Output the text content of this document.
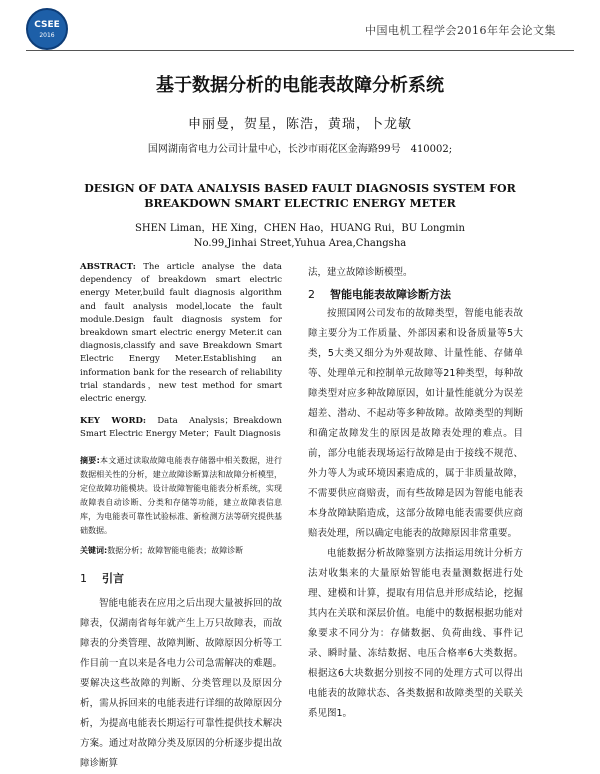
CSEE
2016	中国电机工程学会2016年年会论文集
基于数据分析的电能表故障分析系统
申丽曼，贺星，陈浩，黄瑞，卜龙敏
国网湖南省电力公司计量中心，长沙市雨花区金海路99号　410002;
DESIGN OF DATA ANALYSIS BASED FAULT DIAGNOSIS SYSTEM FOR BREAKDOWN SMART ELECTRIC ENERGY METER
SHEN Liman，HE Xing，CHEN Hao，HUANG Rui，BU Longmin
No.99,Jinhai Street,Yuhua Area,Changsha

ABSTRACT: The article analyse the data dependency of breakdown smart electric energy Meter,build fault diagnosis algorithm and fault analysis model,locate the fault module.Design fault diagnosis system for breakdown smart electric energy Meter.it can diagnosis,classify and save Breakdown Smart Electric Energy Meter.Establishing an information bank for the research of reliability trial standards，new test method for smart electric energy.

KEY WORD: Data Analysis；Breakdown Smart Electric Energy Meter；Fault Diagnosis

摘要:本文通过读取故障电能表存储器中相关数据，进行数据相关性的分析，建立故障诊断算法和故障分析模型，定位故障功能模块。设计故障智能电能表分析系统，实现故障表自动诊断、分类和存储等功能，建立故障表信息库，为电能表可靠性试验标准、新检测方法等研究提供基础数据。

关键词:数据分析；故障智能电能表；故障诊断

1 引言

智能电能表在应用之后出现大量被拆回的故障表，仅湖南省每年就产生上万只故障表，而故障表的分类管理、故障判断、故障原因分析等工作目前一直以来是各电力公司急需解决的难题。要解决这些故障的判断、分类管理以及原因分析，需从拆回来的电能表进行详细的故障原因分析，为提高电能表长期运行可靠性提供技术解决方案。通过对故障分类及原因的分析逐步提出故障诊断算

法，建立故障诊断模型。

2 智能电能表故障诊断方法

按照国网公司发布的故障类型，智能电能表故障主要分为工作质量、外部因素和设备质量等5大类，5大类又细分为外观故障、计量性能、存储单等、处理单元和控制单元故障等21种类型，每种故障类型对应多种故障原因，如计量性能就分为误差超差、潜动、不起动等多种故障。故障类型的判断和确定故障发生的原因是故障表处理的难点。目前，部分电能表现场运行故障是由于接线不规范、外力等人为或环境因素造成的，属于非质量故障，不需要供应商赔责，而有些故障是因为智能电能表本身故障缺陷造成，这部分故障电能表需要供应商赔表处理，所以确定电能表的故障原因非常重要。

电能数据分析故障鉴别方法指运用统计分析方法对收集来的大量原始智能电表量测数据进行处理、建模和计算，提取有用信息并形成结论，挖掘其内在关联和深层价值。电能中的数据根据功能对象要求不同分为：存储数据、负荷曲线、事件记录、瞬时量、冻结数据、电压合格率6大类数据。根据这6大块数据分别按不同的处理方式可以得出电能表的故障状态、各类数据和故障类型的关联关系见图1。
